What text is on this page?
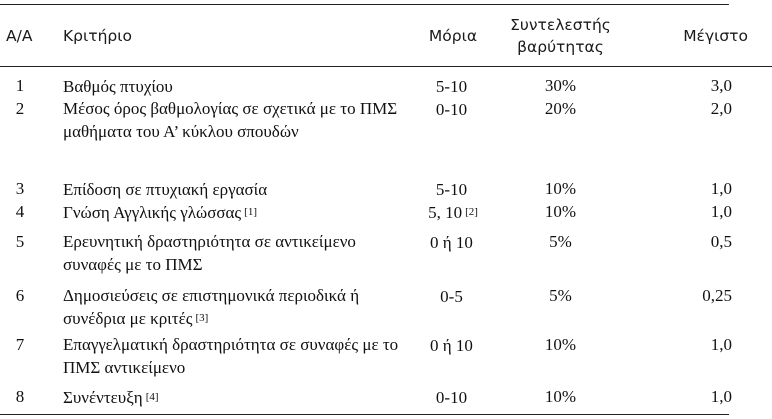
Α/Α	Κριτήριο	Μόρια	Συντελεστής βαρύτητας	Μέγιστο
1	Βαθμός πτυχίου	5-10	30%	3,0
2	Μέσος όρος βαθμολογίας σε σχετικά με το ΠΜΣ μαθήματα του Α’ κύκλου σπουδών	0-10	20%	2,0
3	Επίδοση σε πτυχιακή εργασία	5-10	10%	1,0
4	Γνώση Αγγλικής γλώσσας [1]	5, 10 [2]	10%	1,0
5	Ερευνητική δραστηριότητα σε αντικείμενο συναφές με το ΠΜΣ	0 ή 10	5%	0,5
6	Δημοσιεύσεις σε επιστημονικά περιοδικά ή συνέδρια με κριτές [3]	0-5	5%	0,25
7	Επαγγελματική δραστηριότητα σε συναφές με το ΠΜΣ αντικείμενο	0 ή 10	10%	1,0
8	Συνέντευξη [4]	0-10	10%	1,0
